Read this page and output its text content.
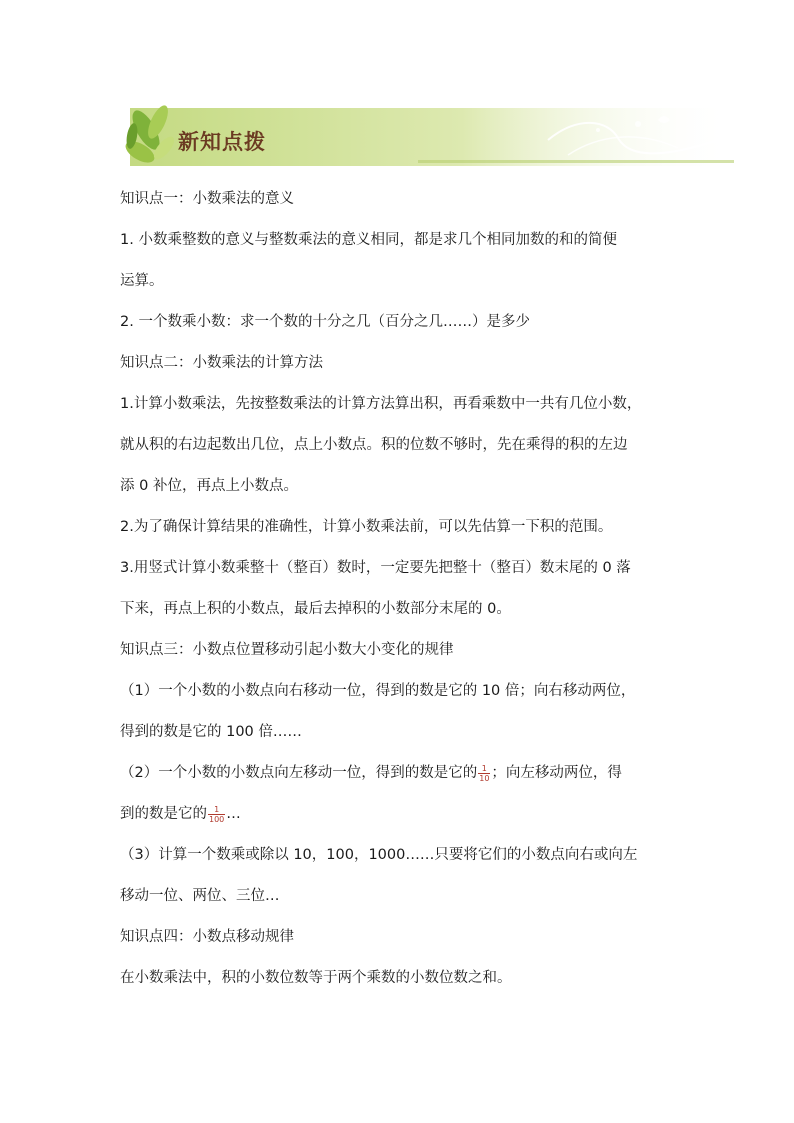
新知点拨
知识点一：小数乘法的意义
1. 小数乘整数的意义与整数乘法的意义相同，都是求几个相同加数的和的简便
运算。
2. 一个数乘小数：求一个数的十分之几（百分之几……）是多少
知识点二：小数乘法的计算方法
1.计算小数乘法，先按整数乘法的计算方法算出积，再看乘数中一共有几位小数，
就从积的右边起数出几位，点上小数点。积的位数不够时，先在乘得的积的左边
添 0 补位，再点上小数点。
2.为了确保计算结果的准确性，计算小数乘法前，可以先估算一下积的范围。
3.用竖式计算小数乘整十（整百）数时，一定要先把整十（整百）数末尾的 0 落
下来，再点上积的小数点，最后去掉积的小数部分末尾的 0。
知识点三：小数点位置移动引起小数大小变化的规律
（1）一个小数的小数点向右移动一位，得到的数是它的 10 倍；向右移动两位，
得到的数是它的 100 倍……
（2）一个小数的小数点向左移动一位，得到的数是它的 $\frac{1}{10}$ ；向左移动两位，得
到的数是它的 $\frac{1}{100}$ …
（3）计算一个数乘或除以 10，100，1000……只要将它们的小数点向右或向左
移动一位、两位、三位…
知识点四：小数点移动规律
在小数乘法中，积的小数位数等于两个乘数的小数位数之和。
